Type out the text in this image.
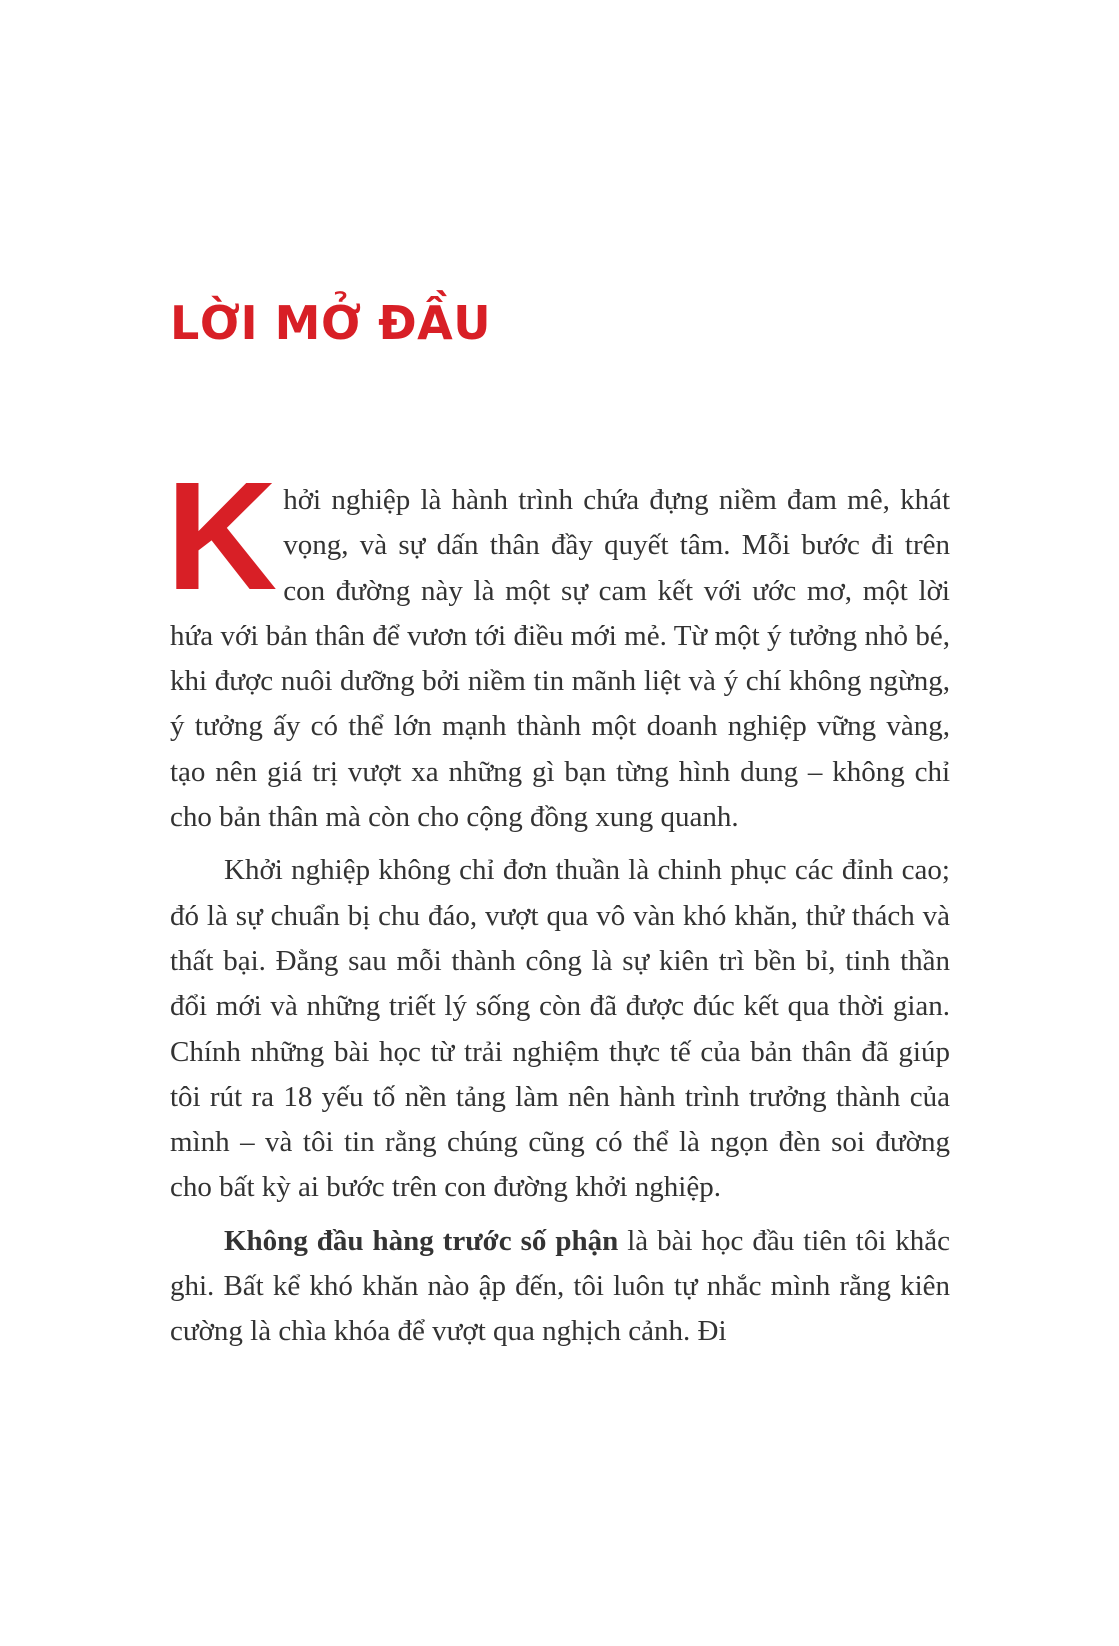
LỜI MỞ ĐẦU

Khởi nghiệp là hành trình chứa đựng niềm đam mê, khát vọng, và sự dấn thân đầy quyết tâm. Mỗi bước đi trên con đường này là một sự cam kết với ước mơ, một lời hứa với bản thân để vươn tới điều mới mẻ. Từ một ý tưởng nhỏ bé, khi được nuôi dưỡng bởi niềm tin mãnh liệt và ý chí không ngừng, ý tưởng ấy có thể lớn mạnh thành một doanh nghiệp vững vàng, tạo nên giá trị vượt xa những gì bạn từng hình dung – không chỉ cho bản thân mà còn cho cộng đồng xung quanh.

Khởi nghiệp không chỉ đơn thuần là chinh phục các đỉnh cao; đó là sự chuẩn bị chu đáo, vượt qua vô vàn khó khăn, thử thách và thất bại. Đằng sau mỗi thành công là sự kiên trì bền bỉ, tinh thần đổi mới và những triết lý sống còn đã được đúc kết qua thời gian. Chính những bài học từ trải nghiệm thực tế của bản thân đã giúp tôi rút ra 18 yếu tố nền tảng làm nên hành trình trưởng thành của mình – và tôi tin rằng chúng cũng có thể là ngọn đèn soi đường cho bất kỳ ai bước trên con đường khởi nghiệp.

Không đầu hàng trước số phận là bài học đầu tiên tôi khắc ghi. Bất kể khó khăn nào ập đến, tôi luôn tự nhắc mình rằng kiên cường là chìa khóa để vượt qua nghịch cảnh. Đi
